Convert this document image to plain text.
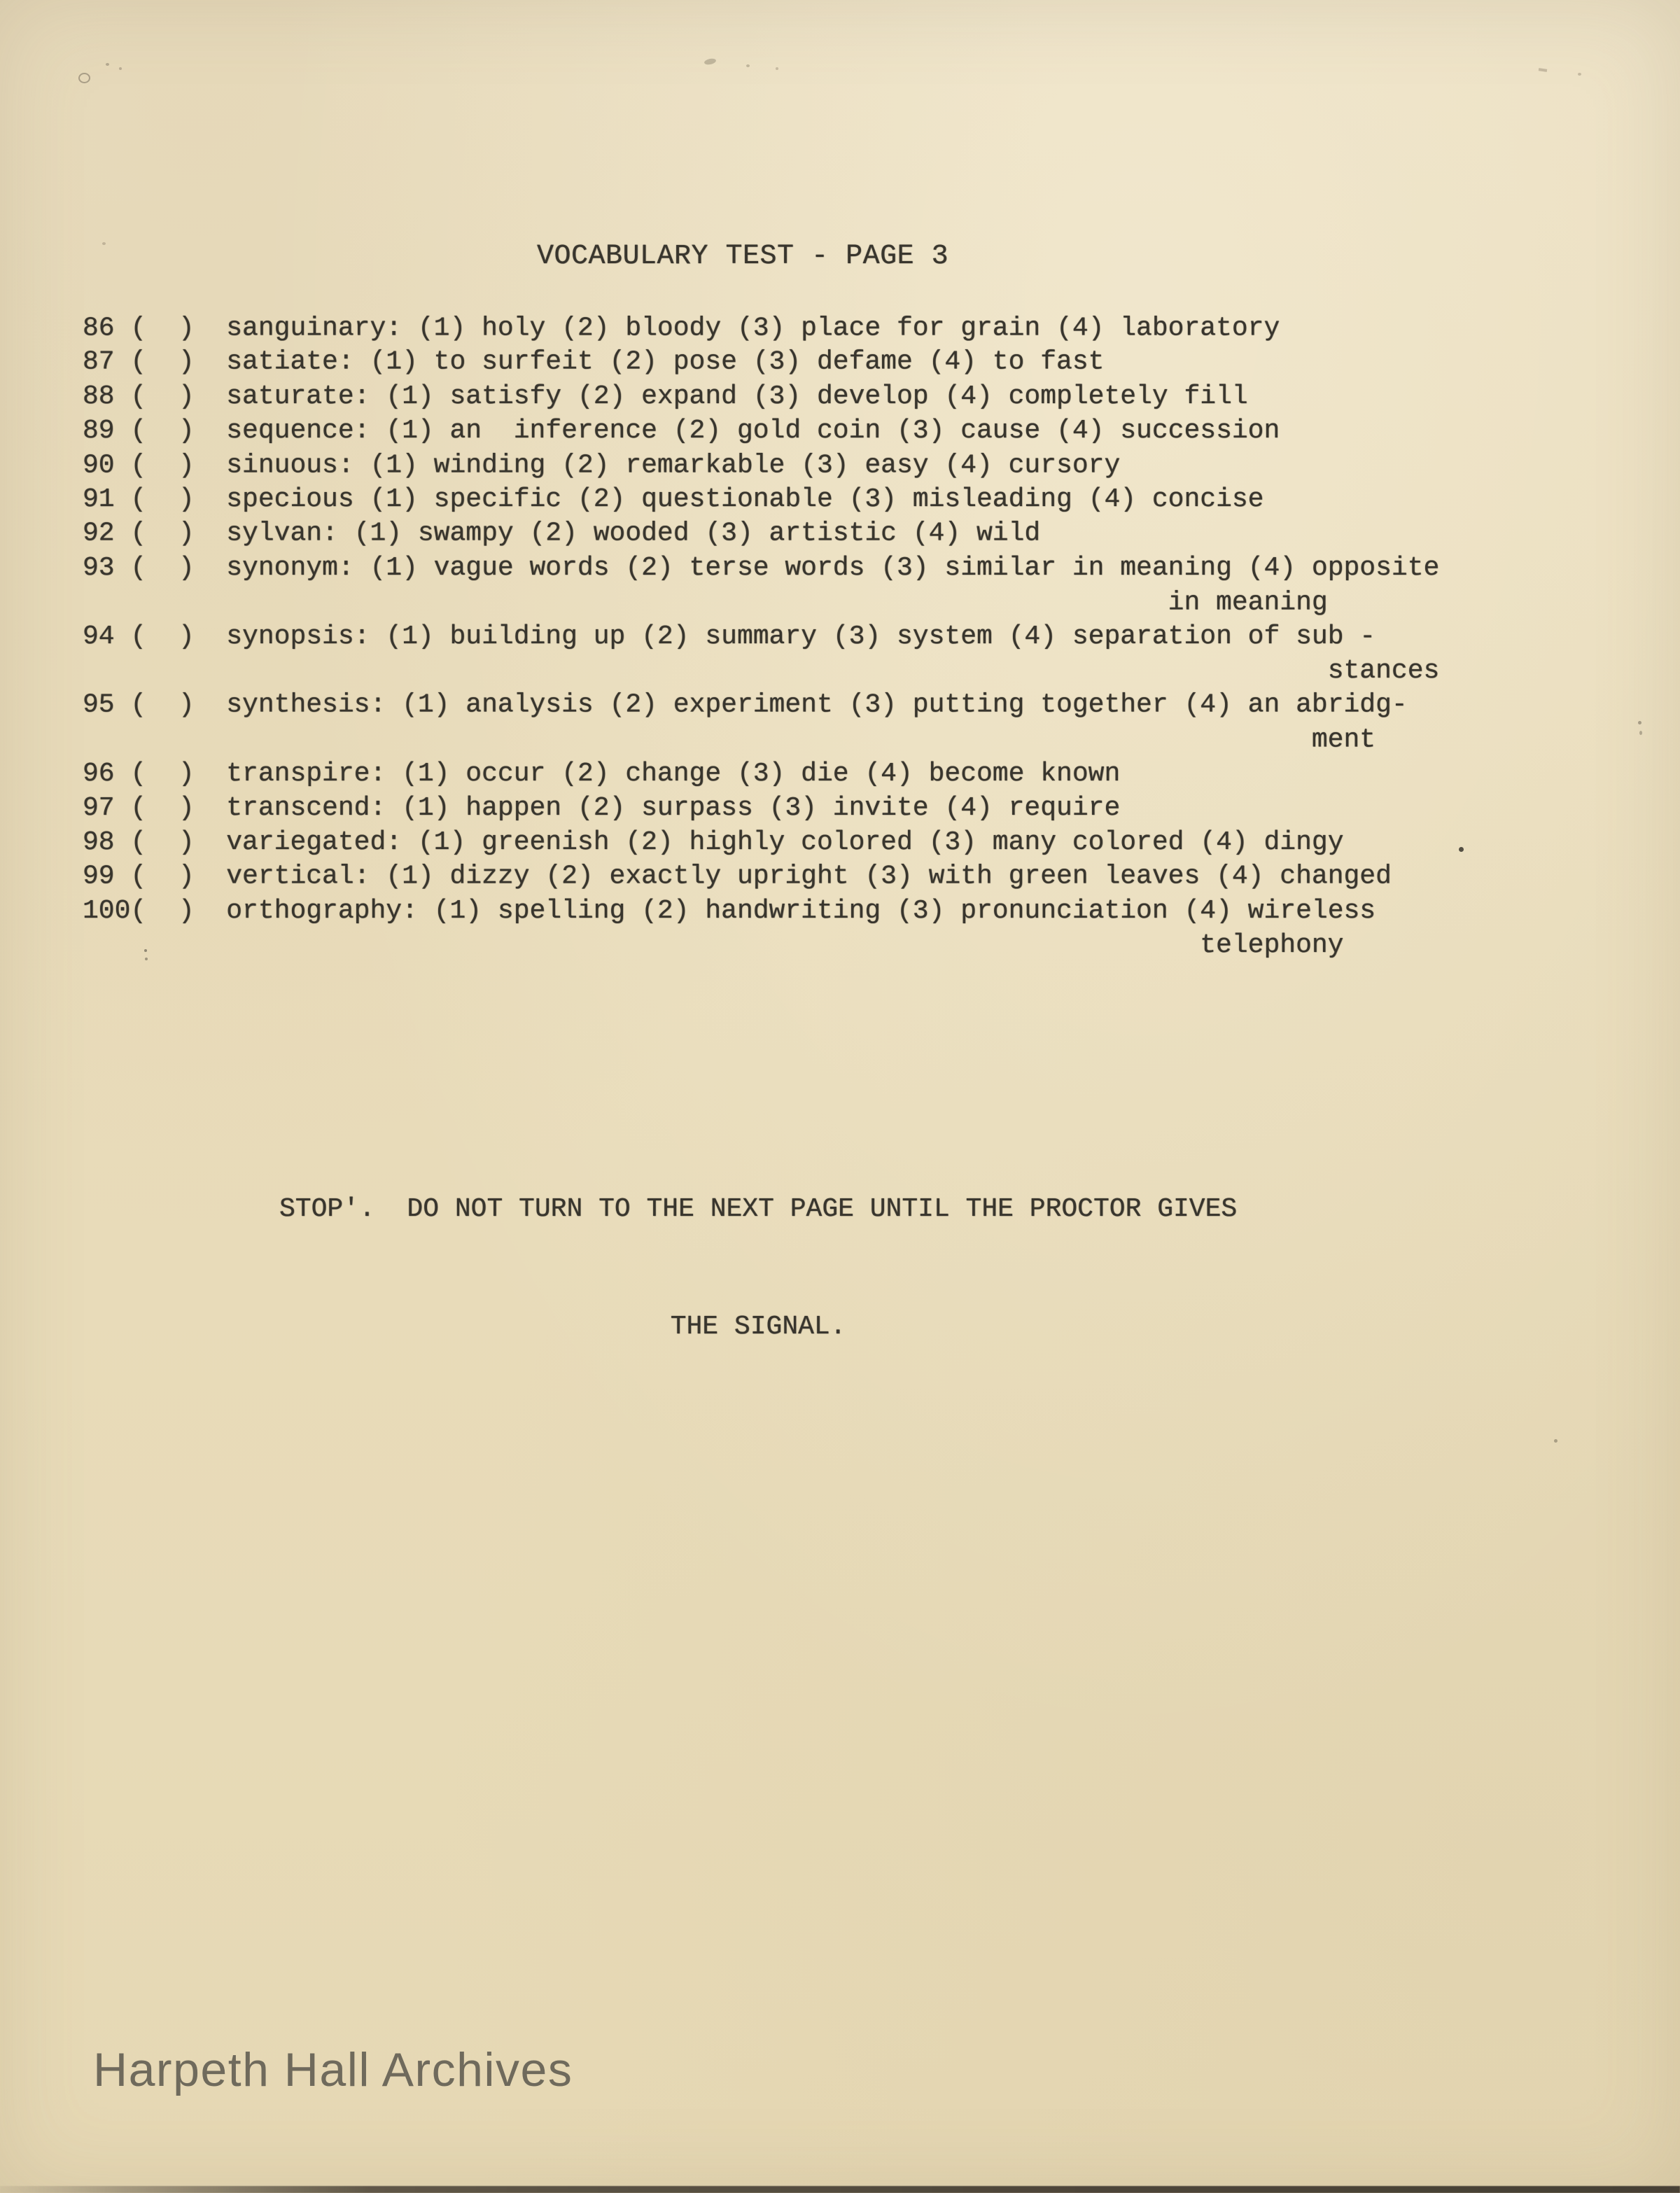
VOCABULARY TEST - PAGE 3
86 (  )  sanguinary: (1) holy (2) bloody (3) place for grain (4) laboratory
87 (  )  satiate: (1) to surfeit (2) pose (3) defame (4) to fast
88 (  )  saturate: (1) satisfy (2) expand (3) develop (4) completely fill
89 (  )  sequence: (1) an  inference (2) gold coin (3) cause (4) succession
90 (  )  sinuous: (1) winding (2) remarkable (3) easy (4) cursory
91 (  )  specious (1) specific (2) questionable (3) misleading (4) concise
92 (  )  sylvan: (1) swampy (2) wooded (3) artistic (4) wild
93 (  )  synonym: (1) vague words (2) terse words (3) similar in meaning (4) opposite
in meaning
94 (  )  synopsis: (1) building up (2) summary (3) system (4) separation of sub -
stances
95 (  )  synthesis: (1) analysis (2) experiment (3) putting together (4) an abridg-
ment
96 (  )  transpire: (1) occur (2) change (3) die (4) become known
97 (  )  transcend: (1) happen (2) surpass (3) invite (4) require
98 (  )  variegated: (1) greenish (2) highly colored (3) many colored (4) dingy
99 (  )  vertical: (1) dizzy (2) exactly upright (3) with green leaves (4) changed
100(  )  orthography: (1) spelling (2) handwriting (3) pronunciation (4) wireless
telephony

STOP'.  DO NOT TURN TO THE NEXT PAGE UNTIL THE PROCTOR GIVES

THE SIGNAL.

Harpeth Hall Archives
